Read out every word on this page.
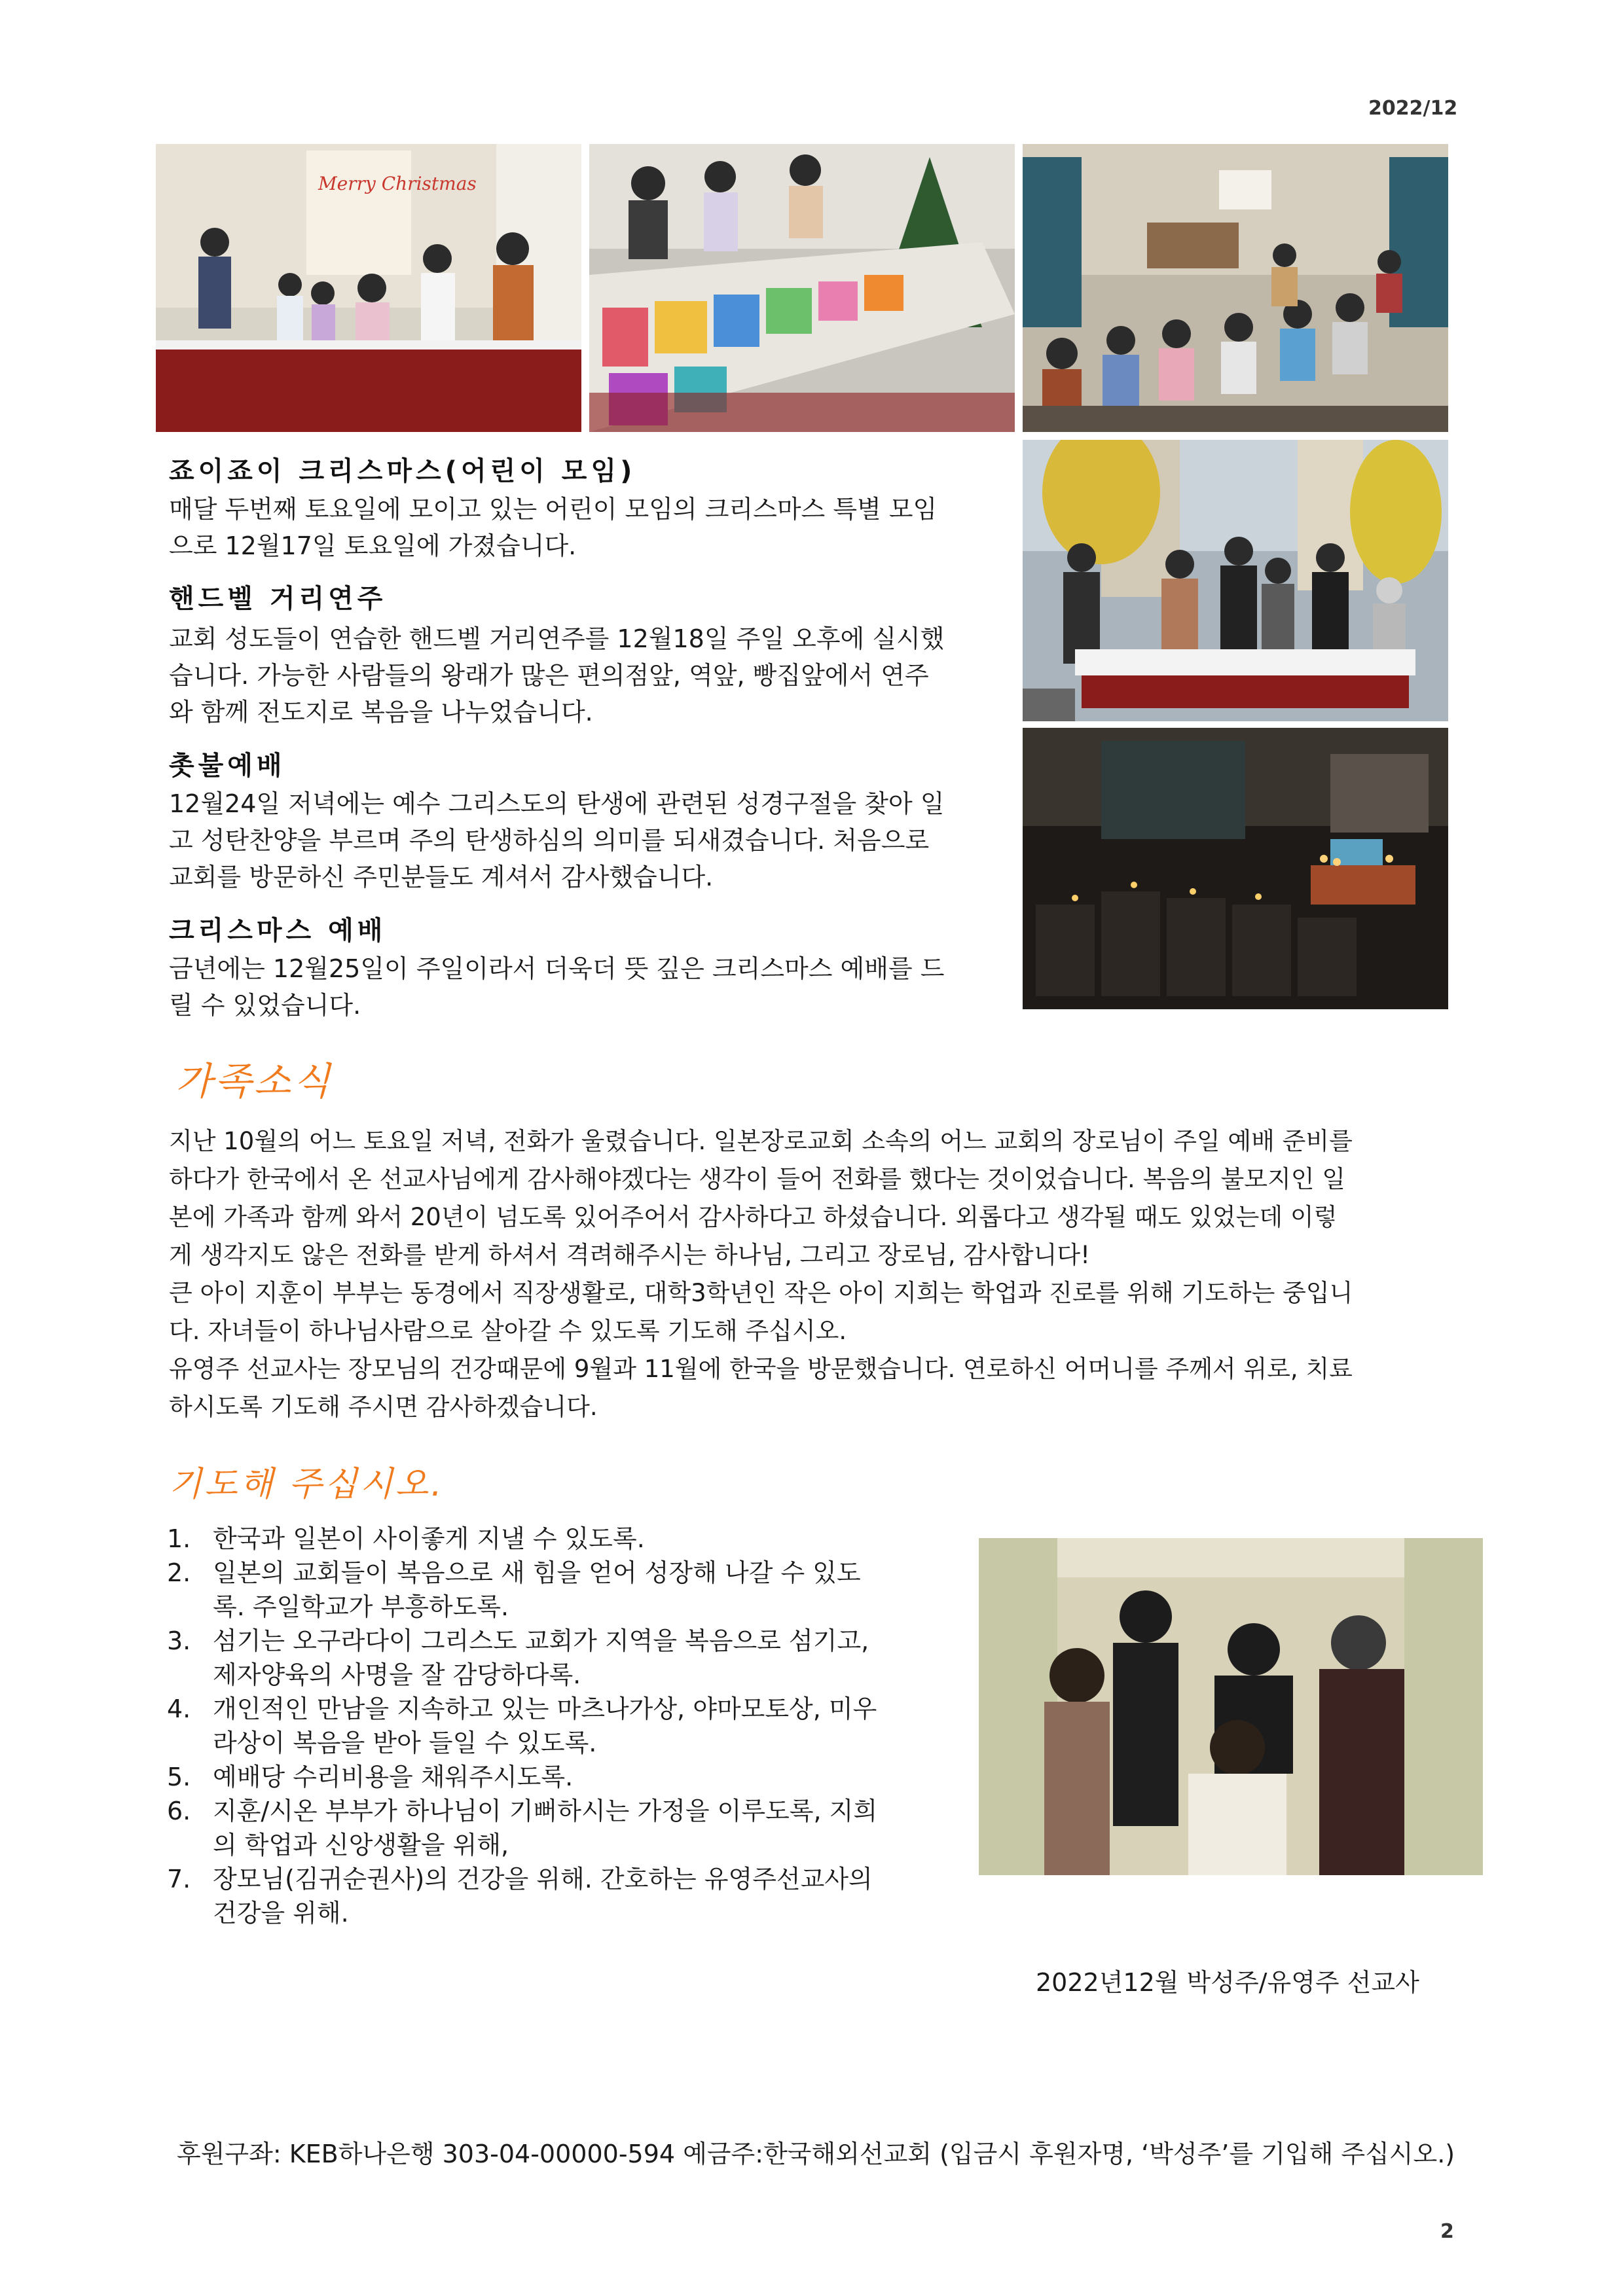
2022/12
Merry Christmas
죠이죠이 크리스마스(어린이 모임)
매달 두번째 토요일에 모이고 있는 어린이 모임의 크리스마스 특별 모임
으로 12월17일 토요일에 가졌습니다.
핸드벨 거리연주
교회 성도들이 연습한 핸드벨 거리연주를 12월18일 주일 오후에 실시했
습니다. 가능한 사람들의 왕래가 많은 편의점앞, 역앞, 빵집앞에서 연주
와 함께 전도지로 복음을 나누었습니다.
촛불예배
12월24일 저녁에는 예수 그리스도의 탄생에 관련된 성경구절을 찾아 일
고 성탄찬양을 부르며 주의 탄생하심의 의미를 되새겼습니다. 처음으로
교회를 방문하신 주민분들도 계셔서 감사했습니다.
크리스마스 예배
금년에는 12월25일이 주일이라서 더욱더 뜻 깊은 크리스마스 예배를 드
릴 수 있었습니다.
가족소식
지난 10월의 어느 토요일 저녁, 전화가 울렸습니다. 일본장로교회 소속의 어느 교회의 장로님이 주일 예배 준비를
하다가 한국에서 온 선교사님에게 감사해야겠다는 생각이 들어 전화를 했다는 것이었습니다. 복음의 불모지인 일
본에 가족과 함께 와서 20년이 넘도록 있어주어서 감사하다고 하셨습니다. 외롭다고 생각될 때도 있었는데 이렇
게 생각지도 않은 전화를 받게 하셔서 격려해주시는 하나님, 그리고 장로님, 감사합니다!
큰 아이 지훈이 부부는 동경에서 직장생활로, 대학3학년인 작은 아이 지희는 학업과 진로를 위해 기도하는 중입니
다. 자녀들이 하나님사람으로 살아갈 수 있도록 기도해 주십시오.
유영주 선교사는 장모님의 건강때문에 9월과 11월에 한국을 방문했습니다. 연로하신 어머니를 주께서 위로, 치료
하시도록 기도해 주시면 감사하겠습니다.
기도해 주십시오.
1. 한국과 일본이 사이좋게 지낼 수 있도록.
2. 일본의 교회들이 복음으로 새 힘을 얻어 성장해 나갈 수 있도
록. 주일학교가 부흥하도록.
3. 섬기는 오구라다이 그리스도 교회가 지역을 복음으로 섬기고,
제자양육의 사명을 잘 감당하다록.
4. 개인적인 만남을 지속하고 있는 마츠나가상, 야마모토상, 미우
라상이 복음을 받아 들일 수 있도록.
5. 예배당 수리비용을 채워주시도록.
6. 지훈/시온 부부가 하나님이 기뻐하시는 가정을 이루도록, 지희
의 학업과 신앙생활을 위해,
7. 장모님(김귀순권사)의 건강을 위해. 간호하는 유영주선교사의
건강을 위해.
2022년12월 박성주/유영주 선교사
후원구좌: KEB하나은행 303-04-00000-594 예금주:한국해외선교회 (입금시 후원자명, ‘박성주’를 기입해 주십시오.)
2
